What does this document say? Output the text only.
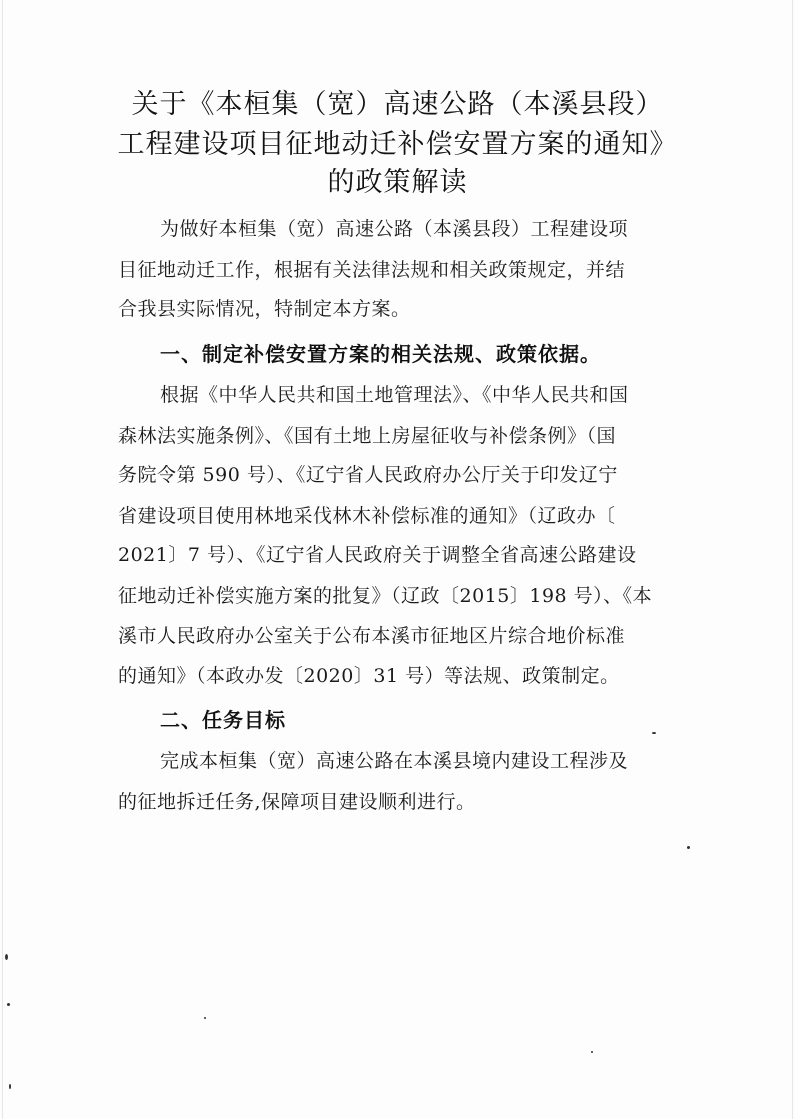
关于《本桓集（宽）高速公路（本溪县段）
工程建设项目征地动迁补偿安置方案的通知》
的政策解读
为做好本桓集（宽）高速公路（本溪县段）工程建设项
目征地动迁工作，根据有关法律法规和相关政策规定，并结
合我县实际情况，特制定本方案。
一、制定补偿安置方案的相关法规、政策依据。
根据《中华人民共和国土地管理法》、《中华人民共和国
森林法实施条例》、《国有土地上房屋征收与补偿条例》（国
务院令第 590 号）、《辽宁省人民政府办公厅关于印发辽宁
省建设项目使用林地采伐林木补偿标准的通知》（辽政办〔
2021〕7 号）、《辽宁省人民政府关于调整全省高速公路建设
征地动迁补偿实施方案的批复》（辽政〔2015〕198 号）、《本
溪市人民政府办公室关于公布本溪市征地区片综合地价标准
的通知》（本政办发〔2020〕31 号）等法规、政策制定。
二、任务目标
完成本桓集（宽）高速公路在本溪县境内建设工程涉及
的征地拆迁任务,保障项目建设顺利进行。
